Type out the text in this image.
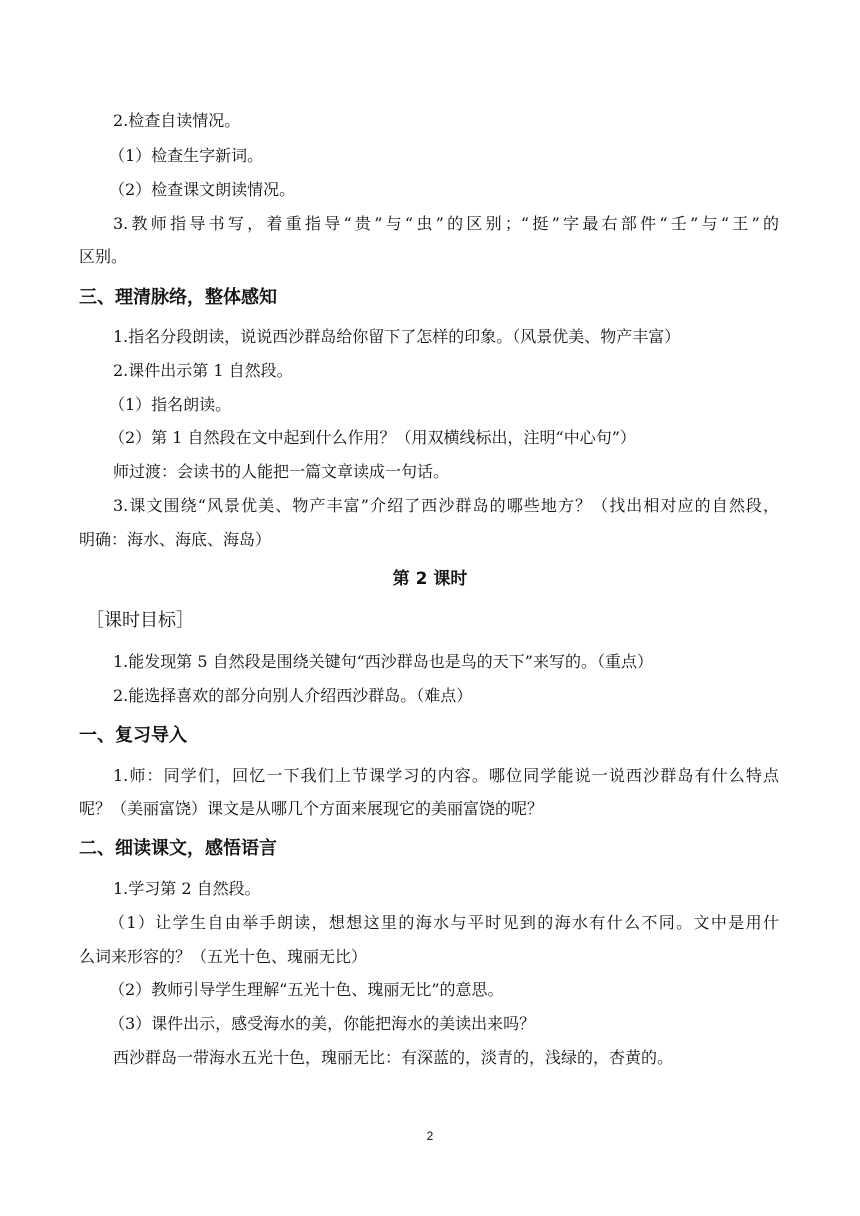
2.检查自读情况。
（1）检查生字新词。
（2）检查课文朗读情况。
3.教师指导书写，着重指导“贵”与“虫”的区别；“挺”字最右部件“壬”与“王”的
区别。
三、理清脉络，整体感知
1.指名分段朗读，说说西沙群岛给你留下了怎样的印象。（风景优美、物产丰富）
2.课件出示第 1 自然段。
（1）指名朗读。
（2）第 1 自然段在文中起到什么作用？（用双横线标出，注明“中心句”）
师过渡：会读书的人能把一篇文章读成一句话。
3.课文围绕“风景优美、物产丰富”介绍了西沙群岛的哪些地方？（找出相对应的自然段，
明确：海水、海底、海岛）
第 2 课时
［课时目标］
1.能发现第 5 自然段是围绕关键句“西沙群岛也是鸟的天下”来写的。（重点）
2.能选择喜欢的部分向别人介绍西沙群岛。（难点）
一、复习导入
1.师：同学们，回忆一下我们上节课学习的内容。哪位同学能说一说西沙群岛有什么特点
呢？（美丽富饶）课文是从哪几个方面来展现它的美丽富饶的呢？
二、细读课文，感悟语言
1.学习第 2 自然段。
（1）让学生自由举手朗读，想想这里的海水与平时见到的海水有什么不同。文中是用什
么词来形容的？（五光十色、瑰丽无比）
（2）教师引导学生理解“五光十色、瑰丽无比”的意思。
（3）课件出示，感受海水的美，你能把海水的美读出来吗？
西沙群岛一带海水五光十色，瑰丽无比：有深蓝的，淡青的，浅绿的，杏黄的。
2
